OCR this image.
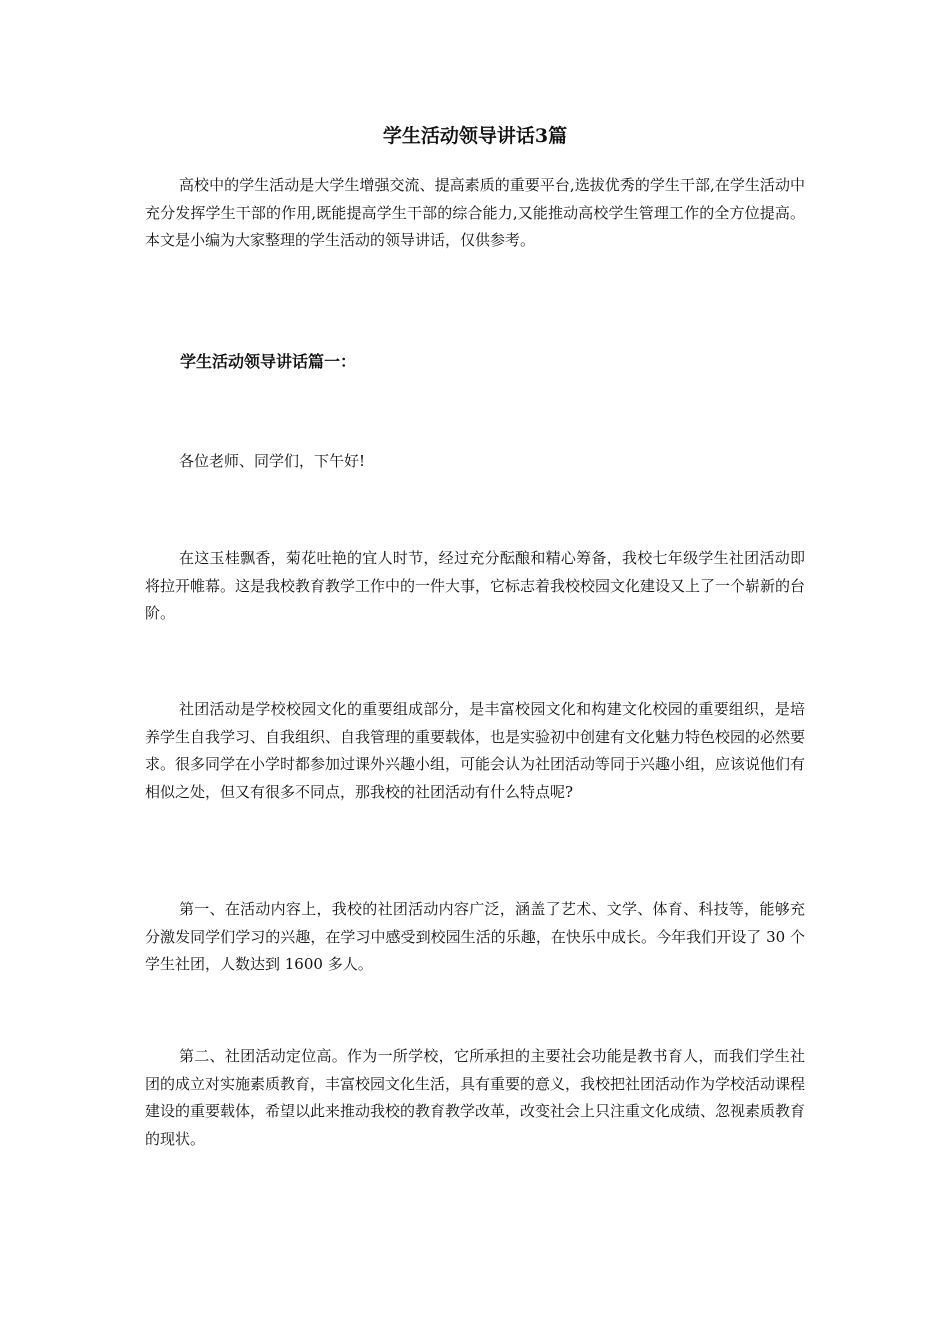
学生活动领导讲话3篇

高校中的学生活动是大学生增强交流、提高素质的重要平台,选拔优秀的学生干部,在学生活动中充分发挥学生干部的作用,既能提高学生干部的综合能力,又能推动高校学生管理工作的全方位提高。本文是小编为大家整理的学生活动的领导讲话，仅供参考。

学生活动领导讲话篇一：

各位老师、同学们，下午好!

在这玉桂飘香，菊花吐艳的宜人时节，经过充分酝酿和精心筹备，我校七年级学生社团活动即将拉开帷幕。这是我校教育教学工作中的一件大事，它标志着我校校园文化建设又上了一个崭新的台阶。

社团活动是学校校园文化的重要组成部分，是丰富校园文化和构建文化校园的重要组织，是培养学生自我学习、自我组织、自我管理的重要载体，也是实验初中创建有文化魅力特色校园的必然要求。很多同学在小学时都参加过课外兴趣小组，可能会认为社团活动等同于兴趣小组，应该说他们有相似之处，但又有很多不同点，那我校的社团活动有什么特点呢?

第一、在活动内容上，我校的社团活动内容广泛，涵盖了艺术、文学、体育、科技等，能够充分激发同学们学习的兴趣，在学习中感受到校园生活的乐趣，在快乐中成长。今年我们开设了 30 个学生社团，人数达到 1600 多人。

第二、社团活动定位高。作为一所学校，它所承担的主要社会功能是教书育人，而我们学生社团的成立对实施素质教育，丰富校园文化生活，具有重要的意义，我校把社团活动作为学校活动课程建设的重要载体，希望以此来推动我校的教育教学改革，改变社会上只注重文化成绩、忽视素质教育的现状。
